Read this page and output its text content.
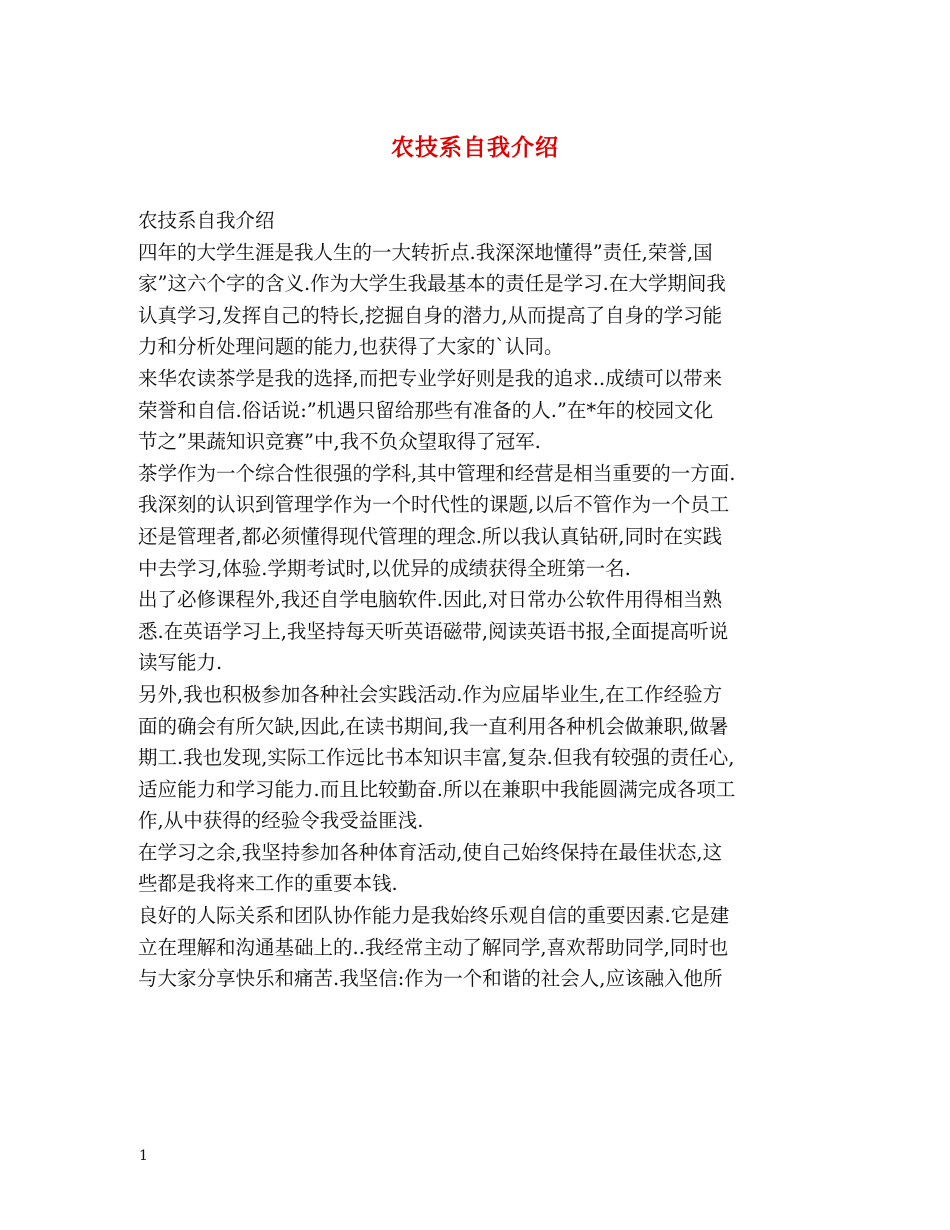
农技系自我介绍
农技系自我介绍
四年的大学生涯是我人生的一大转折点.我深深地懂得”责任,荣誉,国
家”这六个字的含义.作为大学生我最基本的责任是学习.在大学期间我
认真学习,发挥自己的特长,挖掘自身的潜力,从而提高了自身的学习能
力和分析处理问题的能力,也获得了大家的`认同。
来华农读茶学是我的选择,而把专业学好则是我的追求..成绩可以带来
荣誉和自信.俗话说:”机遇只留给那些有准备的人.”在*年的校园文化
节之”果蔬知识竞赛”中,我不负众望取得了冠军.
茶学作为一个综合性很强的学科,其中管理和经营是相当重要的一方面.
我深刻的认识到管理学作为一个时代性的课题,以后不管作为一个员工
还是管理者,都必须懂得现代管理的理念.所以我认真钻研,同时在实践
中去学习,体验.学期考试时,以优异的成绩获得全班第一名.
出了必修课程外,我还自学电脑软件.因此,对日常办公软件用得相当熟
悉.在英语学习上,我坚持每天听英语磁带,阅读英语书报,全面提高听说
读写能力.
另外,我也积极参加各种社会实践活动.作为应届毕业生,在工作经验方
面的确会有所欠缺,因此,在读书期间,我一直利用各种机会做兼职,做暑
期工.我也发现,实际工作远比书本知识丰富,复杂.但我有较强的责任心,
适应能力和学习能力.而且比较勤奋.所以在兼职中我能圆满完成各项工
作,从中获得的经验令我受益匪浅.
在学习之余,我坚持参加各种体育活动,使自己始终保持在最佳状态,这
些都是我将来工作的重要本钱.
良好的人际关系和团队协作能力是我始终乐观自信的重要因素.它是建
立在理解和沟通基础上的..我经常主动了解同学,喜欢帮助同学,同时也
与大家分享快乐和痛苦.我坚信:作为一个和谐的社会人,应该融入他所
1
